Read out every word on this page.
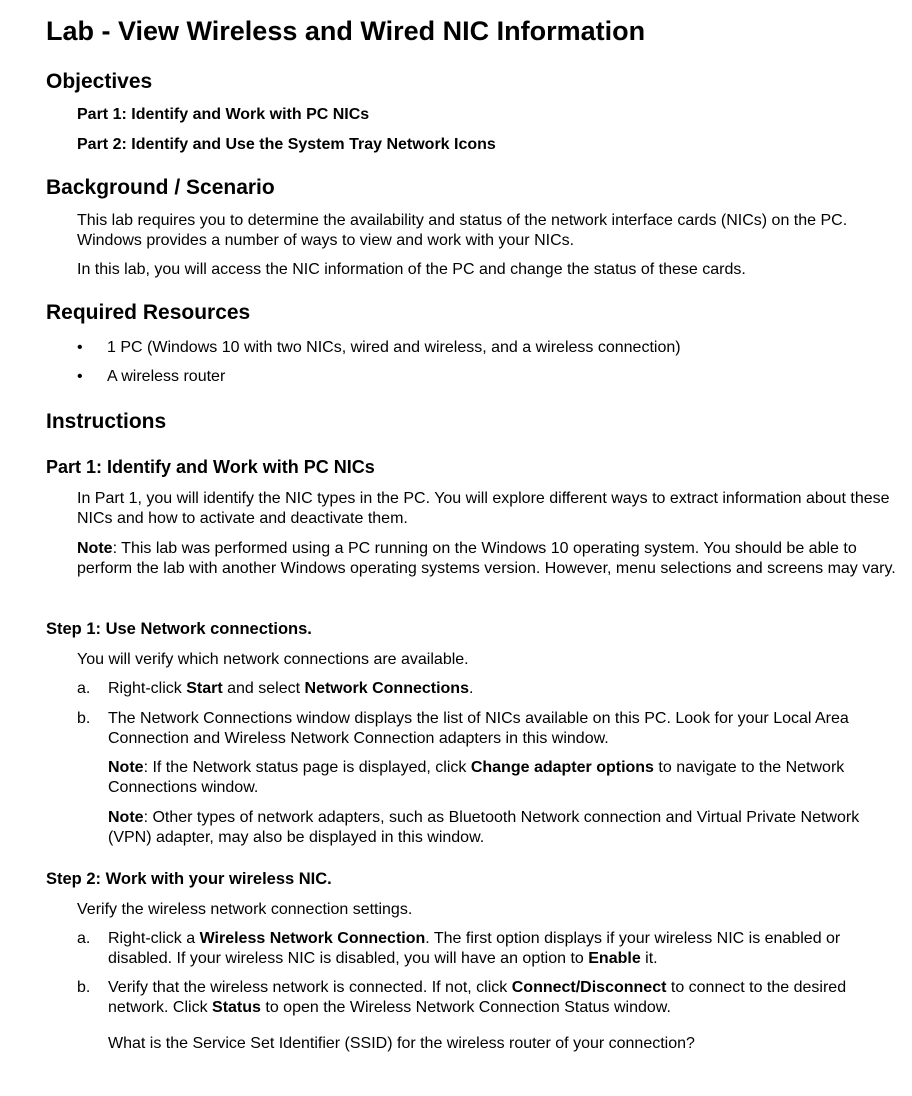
Lab - View Wireless and Wired NIC Information
Objectives
Part 1: Identify and Work with PC NICs
Part 2: Identify and Use the System Tray Network Icons
Background / Scenario

This lab requires you to determine the availability and status of the network interface cards (NICs) on the PC. Windows provides a number of ways to view and work with your NICs.

In this lab, you will access the NIC information of the PC and change the status of these cards.

Required Resources
•	1 PC (Windows 10 with two NICs, wired and wireless, and a wireless connection)
•	A wireless router
Instructions
Part 1: Identify and Work with PC NICs

In Part 1, you will identify the NIC types in the PC. You will explore different ways to extract information about these NICs and how to activate and deactivate them.

Note: This lab was performed using a PC running on the Windows 10 operating system. You should be able to perform the lab with another Windows operating systems version. However, menu selections and screens may vary.

Step 1: Use Network connections.

You will verify which network connections are available.

a. Right-click Start and select Network Connections.
b. The Network Connections window displays the list of NICs available on this PC. Look for your Local Area Connection and Wireless Network Connection adapters in this window.

Note: If the Network status page is displayed, click Change adapter options to navigate to the Network Connections window.

Note: Other types of network adapters, such as Bluetooth Network connection and Virtual Private Network (VPN) adapter, may also be displayed in this window.

Step 2: Work with your wireless NIC.

Verify the wireless network connection settings.

a. Right-click a Wireless Network Connection. The first option displays if your wireless NIC is enabled or disabled. If your wireless NIC is disabled, you will have an option to Enable it.
b. Verify that the wireless network is connected. If not, click Connect/Disconnect to connect to the desired network. Click Status to open the Wireless Network Connection Status window.

What is the Service Set Identifier (SSID) for the wireless router of your connection?
